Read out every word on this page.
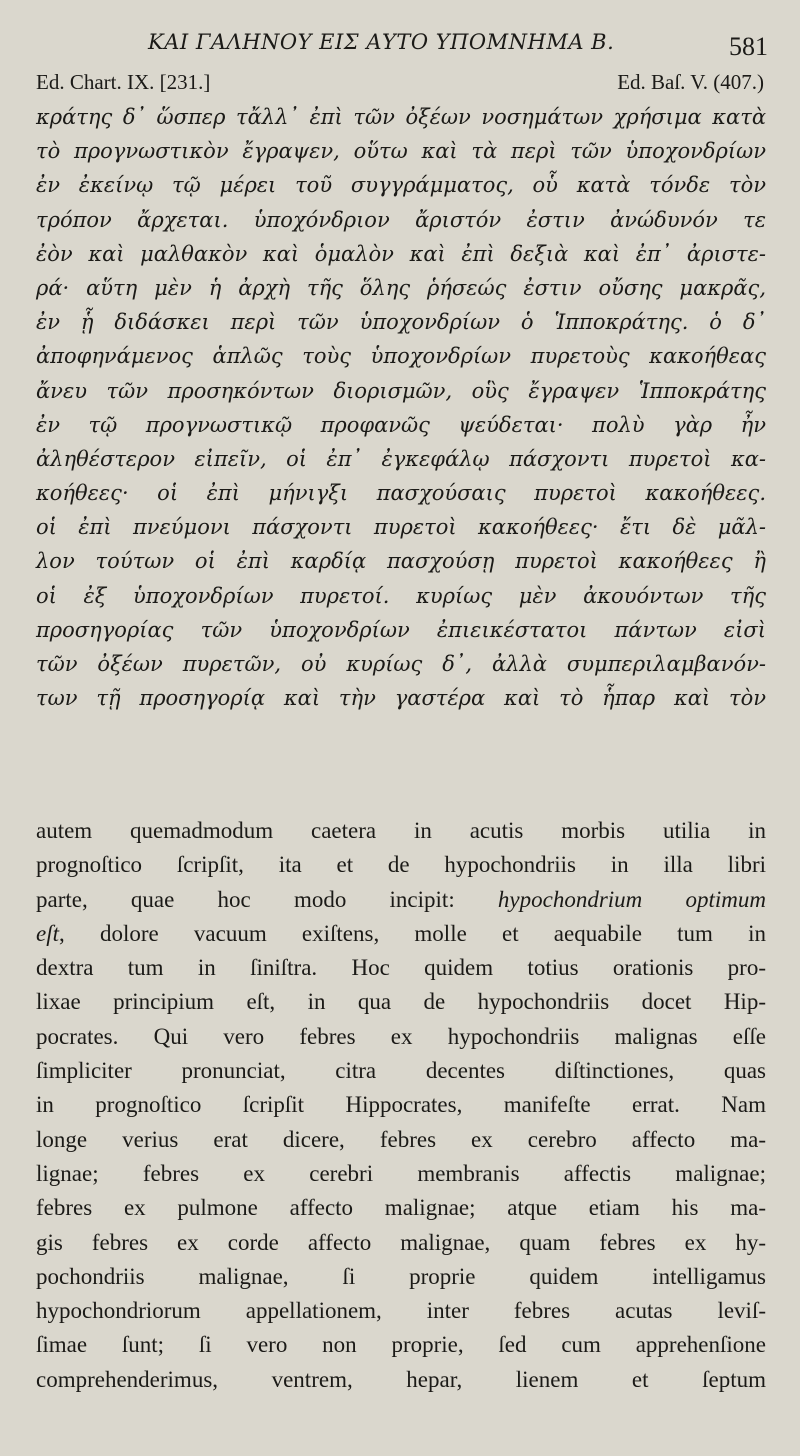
ΚΑΙ ΓΑΛΗΝΟΥ ΕΙΣ ΑΥΤΟ ΥΠΟΜΝΗΜΑ Β.	581
Ed. Chart. IX. [231.]	Ed. Baſ. V. (407.)
κράτης δ᾽ ὥσπερ τἄλλ᾽ ἐπὶ τῶν ὀξέων νοσημάτων χρήσιμα κατὰ
τὸ προγνωστικὸν ἔγραψεν, οὕτω καὶ τὰ περὶ τῶν ὑποχονδρίων
ἐν ἐκείνῳ τῷ μέρει τοῦ συγγράμματος, οὗ κατὰ τόνδε τὸν
τρόπον ἄρχεται. ὑποχόνδριον ἄριστόν ἐστιν ἀνώδυνόν τε
ἐὸν καὶ μαλθακὸν καὶ ὁμαλὸν καὶ ἐπὶ δεξιὰ καὶ ἐπ᾽ ἀριστε-
ρά· αὕτη μὲν ἡ ἀρχὴ τῆς ὅλης ῥήσεώς ἐστιν οὔσης μακρᾶς,
ἐν ᾗ διδάσκει περὶ τῶν ὑποχονδρίων ὁ Ἱπποκράτης. ὁ δ᾽
ἀποφηνάμενος ἁπλῶς τοὺς ὑποχονδρίων πυρετοὺς κακοήθεας
ἄνευ τῶν προσηκόντων διορισμῶν, οὓς ἔγραψεν Ἱπποκράτης
ἐν τῷ προγνωστικῷ προφανῶς ψεύδεται· πολὺ γὰρ ἦν
ἀληθέστερον εἰπεῖν, οἱ ἐπ᾽ ἐγκεφάλῳ πάσχοντι πυρετοὶ κα-
κοήθεες· οἱ ἐπὶ μήνιγξι πασχούσαις πυρετοὶ κακοήθεες.
οἱ ἐπὶ πνεύμονι πάσχοντι πυρετοὶ κακοήθεες· ἔτι δὲ μᾶλ-
λον τούτων οἱ ἐπὶ καρδίᾳ πασχούσῃ πυρετοὶ κακοήθεες ἢ
οἱ ἐξ ὑποχονδρίων πυρετοί. κυρίως μὲν ἀκουόντων τῆς
προσηγορίας τῶν ὑποχονδρίων ἐπιεικέστατοι πάντων εἰσὶ
τῶν ὀξέων πυρετῶν, οὐ κυρίως δ᾽, ἀλλὰ συμπεριλαμβανόν-
των τῇ προσηγορίᾳ καὶ τὴν γαστέρα καὶ τὸ ἧπαρ καὶ τὸν
autem quemadmodum caetera in acutis morbis utilia in
prognoſtico ſcripſit, ita et de hypochondriis in illa libri
parte, quae hoc modo incipit: hypochondrium optimum
eſt, dolore vacuum exiſtens, molle et aequabile tum in
dextra tum in ſiniſtra. Hoc quidem totius orationis pro-
lixae principium eſt, in qua de hypochondriis docet Hip-
pocrates. Qui vero febres ex hypochondriis malignas eſſe
ſimpliciter pronunciat, citra decentes diſtinctiones, quas
in prognoſtico ſcripſit Hippocrates, manifeſte errat. Nam
longe verius erat dicere, febres ex cerebro affecto ma-
lignae; febres ex cerebri membranis affectis malignae;
febres ex pulmone affecto malignae; atque etiam his ma-
gis febres ex corde affecto malignae, quam febres ex hy-
pochondriis malignae, ſi proprie quidem intelligamus
hypochondriorum appellationem, inter febres acutas leviſ-
ſimae ſunt; ſi vero non proprie, ſed cum apprehenſione
comprehenderimus, ventrem, hepar, lienem et ſeptum
